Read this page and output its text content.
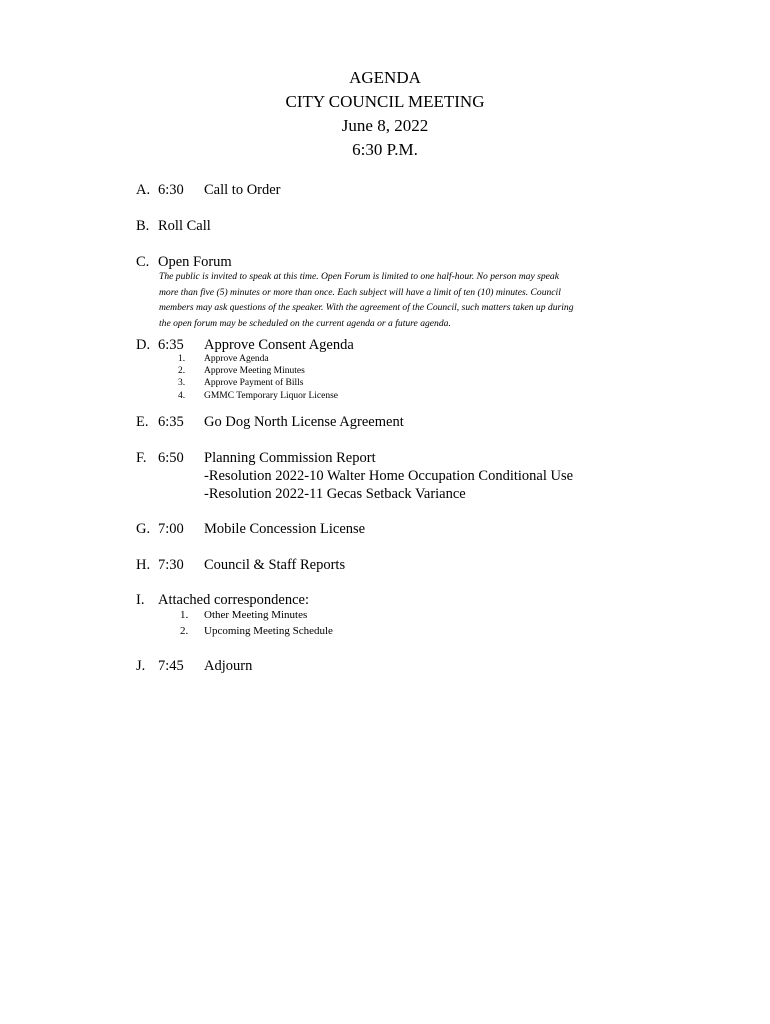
AGENDA
CITY COUNCIL MEETING
June 8, 2022
6:30 P.M.
A. 6:30 Call to Order
B. Roll Call
C. Open Forum
The public is invited to speak at this time. Open Forum is limited to one half-hour. No person may speak
more than five (5) minutes or more than once. Each subject will have a limit of ten (10) minutes. Council
members may ask questions of the speaker. With the agreement of the Council, such matters taken up during
the open forum may be scheduled on the current agenda or a future agenda.
D. 6:35 Approve Consent Agenda
1. Approve Agenda
2. Approve Meeting Minutes
3. Approve Payment of Bills
4. GMMC Temporary Liquor License
E. 6:35 Go Dog North License Agreement
F. 6:50 Planning Commission Report
-Resolution 2022-10 Walter Home Occupation Conditional Use
-Resolution 2022-11 Gecas Setback Variance
G. 7:00 Mobile Concession License
H. 7:30 Council & Staff Reports
I. Attached correspondence:
1. Other Meeting Minutes
2. Upcoming Meeting Schedule
J. 7:45 Adjourn
